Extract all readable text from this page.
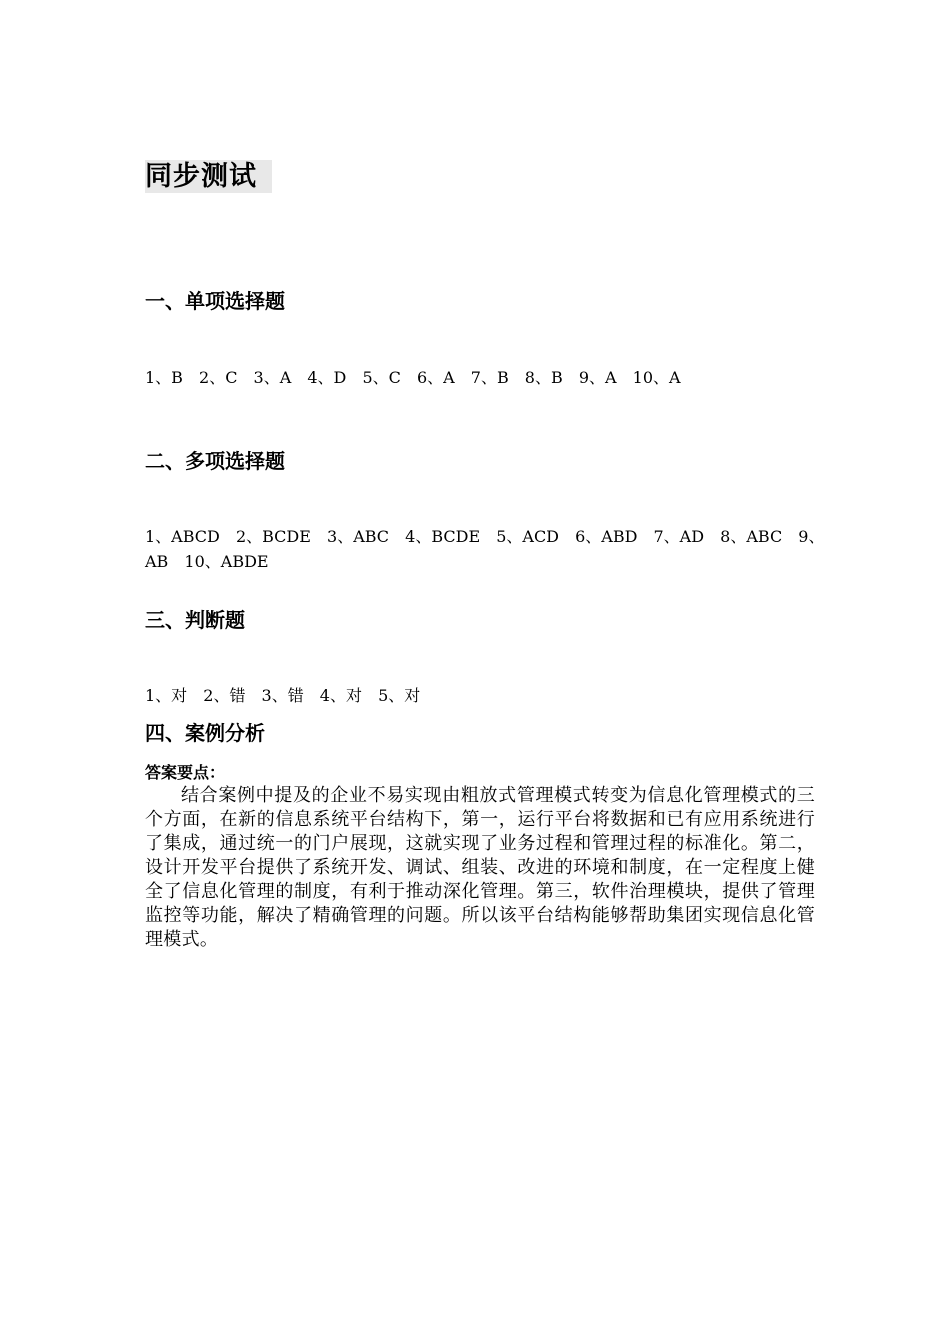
同步测试
一、单项选择题
1、B 2、C 3、A 4、D 5、C 6、A 7、B 8、B 9、A 10、A
二、多项选择题
1、ABCD 2、BCDE 3、ABC 4、BCDE 5、ACD 6、ABD 7、AD 8、ABC 9、AB 10、ABDE
三、判断题
1、对 2、错 3、错 4、对 5、对
四、案例分析
答案要点：
结合案例中提及的企业不易实现由粗放式管理模式转变为信息化管理模式的三个方面，在新的信息系统平台结构下，第一，运行平台将数据和已有应用系统进行了集成，通过统一的门户展现，这就实现了业务过程和管理过程的标准化。第二，设计开发平台提供了系统开发、调试、组装、改进的环境和制度，在一定程度上健全了信息化管理的制度，有利于推动深化管理。第三，软件治理模块，提供了管理监控等功能，解决了精确管理的问题。所以该平台结构能够帮助集团实现信息化管理模式。
